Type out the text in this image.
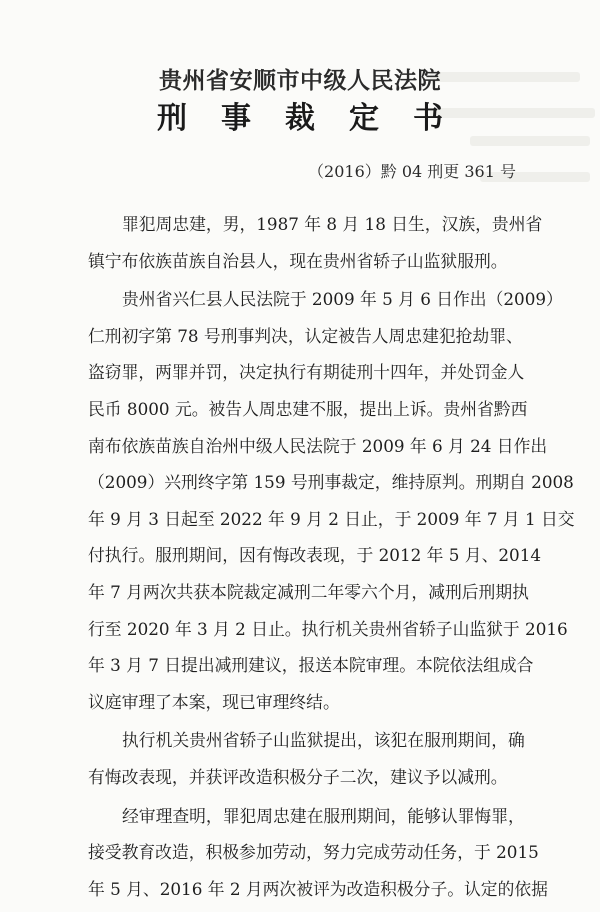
贵州省安顺市中级人民法院
刑事裁定书
（2016）黔 04 刑更 361 号
罪犯周忠建，男，1987 年 8 月 18 日生，汉族，贵州省
镇宁布依族苗族自治县人，现在贵州省轿子山监狱服刑。
贵州省兴仁县人民法院于 2009 年 5 月 6 日作出（2009）
仁刑初字第 78 号刑事判决，认定被告人周忠建犯抢劫罪、
盗窃罪，两罪并罚，决定执行有期徒刑十四年，并处罚金人
民币 8000 元。被告人周忠建不服，提出上诉。贵州省黔西
南布依族苗族自治州中级人民法院于 2009 年 6 月 24 日作出
（2009）兴刑终字第 159 号刑事裁定，维持原判。刑期自 2008
年 9 月 3 日起至 2022 年 9 月 2 日止，于 2009 年 7 月 1 日交
付执行。服刑期间，因有悔改表现，于 2012 年 5 月、2014
年 7 月两次共获本院裁定减刑二年零六个月，减刑后刑期执
行至 2020 年 3 月 2 日止。执行机关贵州省轿子山监狱于 2016
年 3 月 7 日提出减刑建议，报送本院审理。本院依法组成合
议庭审理了本案，现已审理终结。
执行机关贵州省轿子山监狱提出，该犯在服刑期间，确
有悔改表现，并获评改造积极分子二次，建议予以减刑。
经审理查明，罪犯周忠建在服刑期间，能够认罪悔罪，
接受教育改造，积极参加劳动，努力完成劳动任务，于 2015
年 5 月、2016 年 2 月两次被评为改造积极分子。认定的依据
